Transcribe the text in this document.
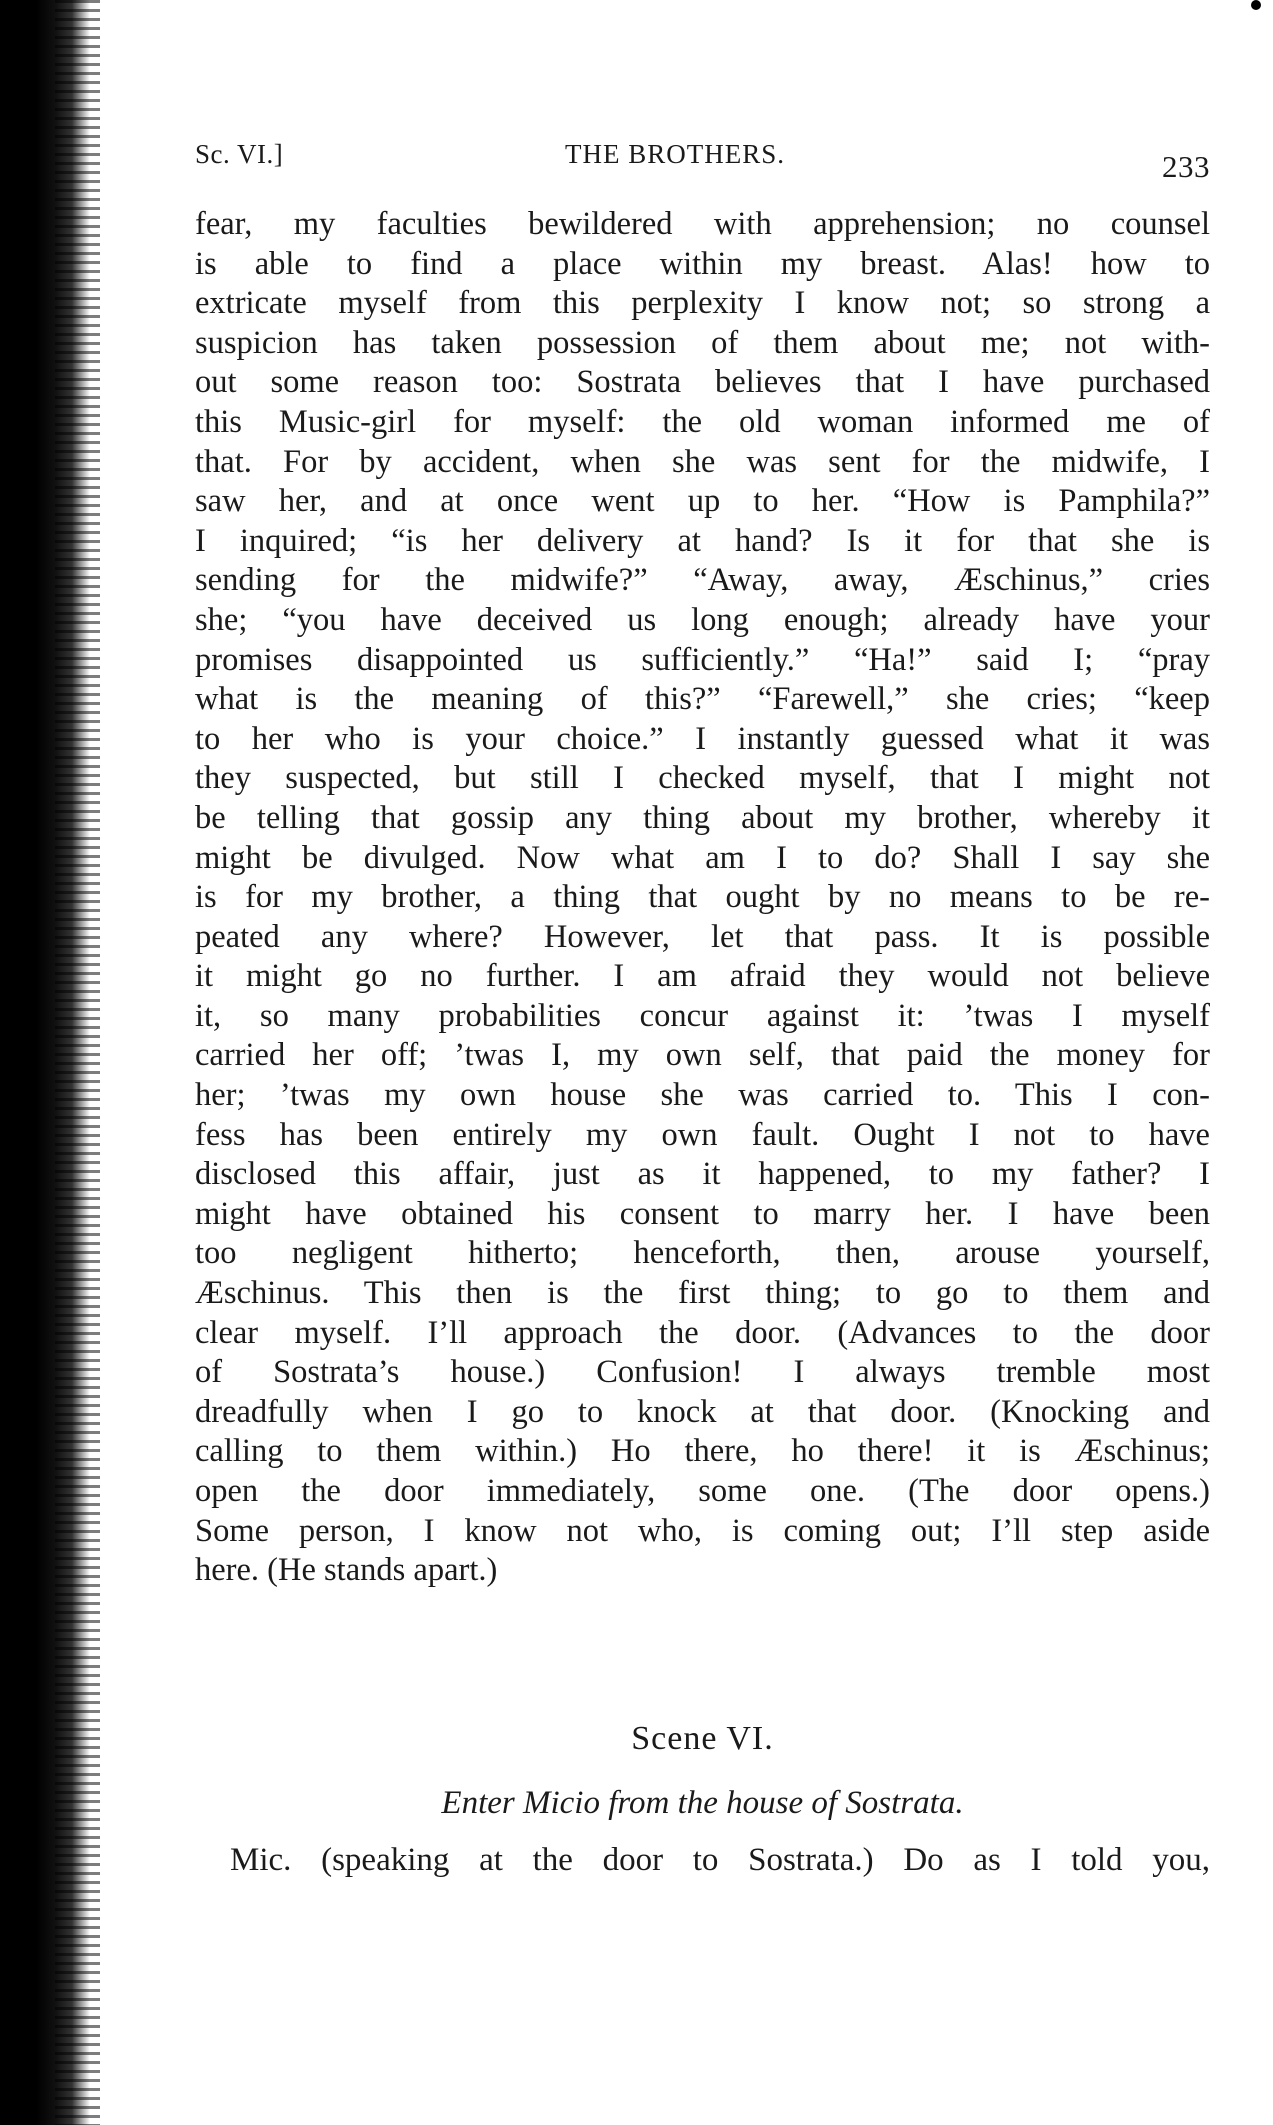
Sc. VI.]	THE BROTHERS.	233
fear, my faculties bewildered with apprehension; no counsel
is able to find a place within my breast. Alas! how to
extricate myself from this perplexity I know not; so strong a
suspicion has taken possession of them about me; not with-
out some reason too: Sostrata believes that I have purchased
this Music-girl for myself: the old woman informed me of
that. For by accident, when she was sent for the midwife, I
saw her, and at once went up to her. “How is Pamphila?”
I inquired; “is her delivery at hand? Is it for that she is
sending for the midwife?” “Away, away, Æschinus,” cries
she; “you have deceived us long enough; already have your
promises disappointed us sufficiently.” “Ha!” said I; “pray
what is the meaning of this?” “Farewell,” she cries; “keep
to her who is your choice.” I instantly guessed what it was
they suspected, but still I checked myself, that I might not
be telling that gossip any thing about my brother, whereby it
might be divulged. Now what am I to do? Shall I say she
is for my brother, a thing that ought by no means to be re-
peated any where? However, let that pass. It is possible
it might go no further. I am afraid they would not believe
it, so many probabilities concur against it: ’twas I myself
carried her off; ’twas I, my own self, that paid the money for
her; ’twas my own house she was carried to. This I con-
fess has been entirely my own fault. Ought I not to have
disclosed this affair, just as it happened, to my father? I
might have obtained his consent to marry her. I have been
too negligent hitherto; henceforth, then, arouse yourself,
Æschinus. This then is the first thing; to go to them and
clear myself. I’ll approach the door. (Advances to the door
of Sostrata’s house.) Confusion! I always tremble most
dreadfully when I go to knock at that door. (Knocking and
calling to them within.) Ho there, ho there! it is Æschinus;
open the door immediately, some one. (The door opens.)
Some person, I know not who, is coming out; I’ll step aside
here. (He stands apart.)
Scene VI.
Enter Micio from the house of Sostrata.
Mic. (speaking at the door to Sostrata.) Do as I told you,
